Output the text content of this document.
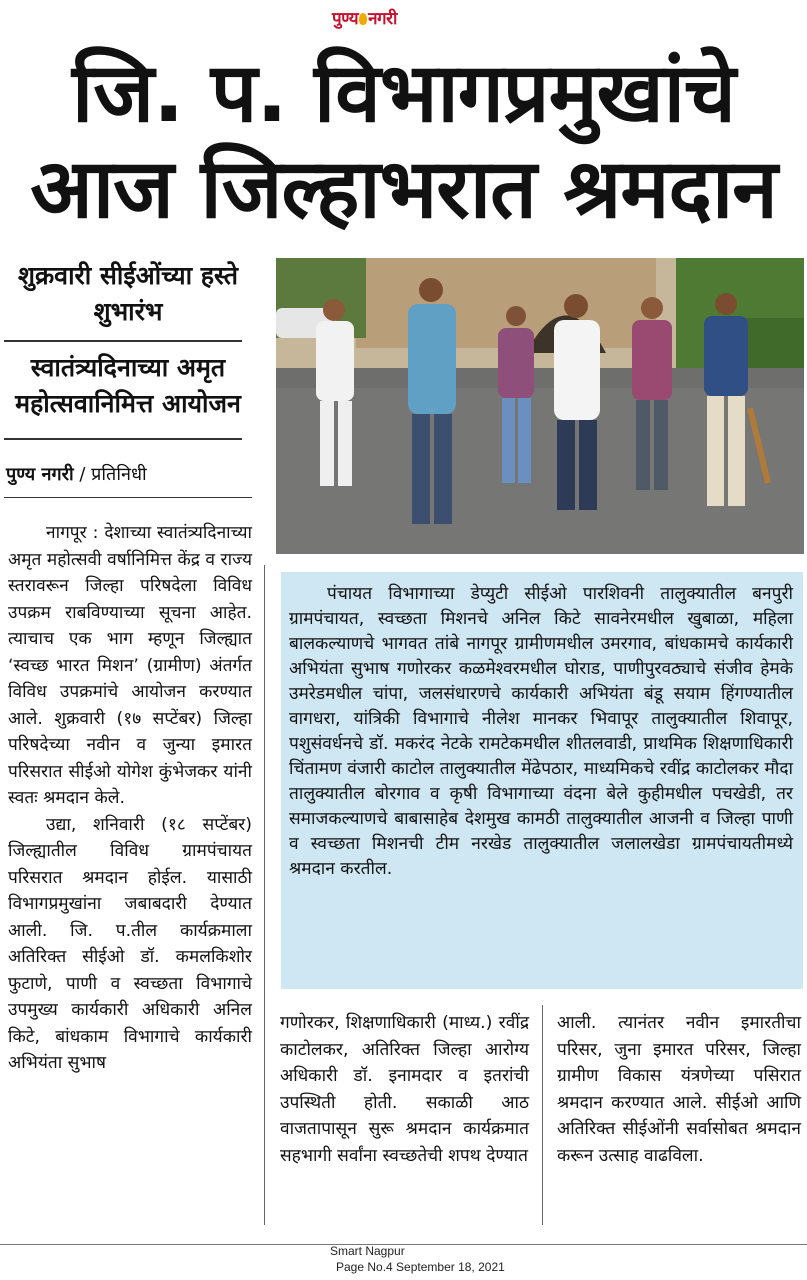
पुण्य नगरी
जि. प. विभागप्रमुखांचे
आज जिल्हाभरात श्रमदान
शुक्रवारी सीईओंच्या हस्ते शुभारंभ
स्वातंत्र्यदिनाच्या अमृत महोत्सवानिमित्त आयोजन
पुण्य नगरी / प्रतिनिधी

नागपूर : देशाच्या स्वातंत्र्यदिनाच्या अमृत महोत्सवी वर्षानिमित्त केंद्र व राज्य स्तरावरून जिल्हा परिषदेला विविध उपक्रम राबविण्याच्या सूचना आहेत. त्याचाच एक भाग म्हणून जिल्ह्यात ‘स्वच्छ भारत मिशन’ (ग्रामीण) अंतर्गत विविध उपक्रमांचे आयोजन करण्यात आले. शुक्रवारी (१७ सप्टेंबर) जिल्हा परिषदेच्या नवीन व जुन्या इमारत परिसरात सीईओ योगेश कुंभेजकर यांनी स्वतः श्रमदान केले.

उद्या, शनिवारी (१८ सप्टेंबर) जिल्ह्यातील विविध ग्रामपंचायत परिसरात श्रमदान होईल. यासाठी विभागप्रमुखांना जबाबदारी देण्यात आली. जि. प.तील कार्यक्रमाला अतिरिक्त सीईओ डॉ. कमलकिशोर फुटाणे, पाणी व स्वच्छता विभागाचे उपमुख्य कार्यकारी अधिकारी अनिल किटे, बांधकाम विभागाचे कार्यकारी अभियंता सुभाष

पंचायत विभागाच्या डेप्युटी सीईओ पारशिवनी तालुक्यातील बनपुरी ग्रामपंचायत, स्वच्छता मिशनचे अनिल किटे सावनेरमधील खुबाळा, महिला बालकल्याणचे भागवत तांबे नागपूर ग्रामीणमधील उमरगाव, बांधकामचे कार्यकारी अभियंता सुभाष गणोरकर कळमेश्वरमधील घोराड, पाणीपुरवठ्याचे संजीव हेमके उमरेडमधील चांपा, जलसंधारणचे कार्यकारी अभियंता बंडू सयाम हिंगण्यातील वागधरा, यांत्रिकी विभागाचे नीलेश मानकर भिवापूर तालुक्यातील शिवापूर, पशुसंवर्धनचे डॉ. मकरंद नेटके रामटेकमधील शीतलवाडी, प्राथमिक शिक्षणाधिकारी चिंतामण वंजारी काटोल तालुक्यातील मेंढेपठार, माध्यमिकचे रवींद्र काटोलकर मौदा तालुक्यातील बोरगाव व कृषी विभागाच्या वंदना बेले कुहीमधील पचखेडी, तर समाजकल्याणचे बाबासाहेब देशमुख कामठी तालुक्यातील आजनी व जिल्हा पाणी व स्वच्छता मिशनची टीम नरखेड तालुक्यातील जलालखेडा ग्रामपंचायतीमध्ये श्रमदान करतील.
गणोरकर, शिक्षणाधिकारी (माध्य.) रवींद्र काटोलकर, अतिरिक्त जिल्हा आरोग्य अधिकारी डॉ. इनामदार व इतरांची उपस्थिती होती. सकाळी आठ वाजतापासून सुरू श्रमदान कार्यक्रमात सहभागी सर्वांना स्वच्छतेची शपथ देण्यात
आली. त्यानंतर नवीन इमारतीचा परिसर, जुना इमारत परिसर, जिल्हा ग्रामीण विकास यंत्रणेच्या पसिरात श्रमदान करण्यात आले. सीईओ आणि अतिरिक्त सीईओंनी सर्वासोबत श्रमदान करून उत्साह वाढविला.
Smart Nagpur
Page No.4 September 18, 2021
